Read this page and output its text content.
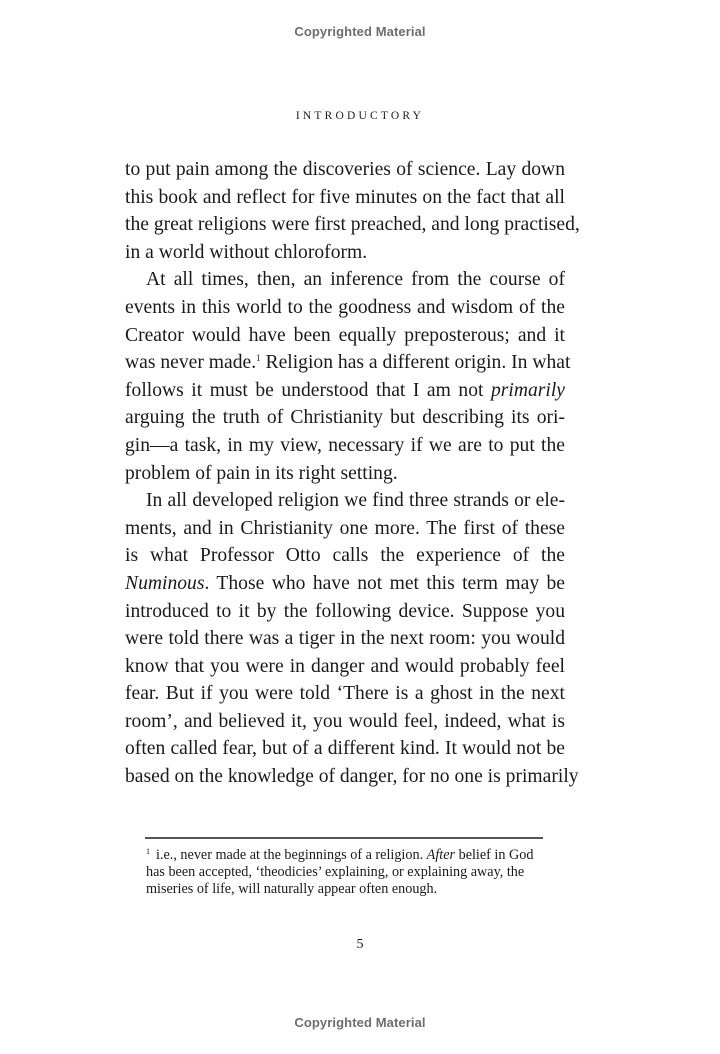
Copyrighted Material
INTRODUCTORY

to put pain among the discoveries of science. Lay down
this book and reflect for five minutes on the fact that all
the great religions were first preached, and long practised,
in a world without chloroform.

At all times, then, an inference from the course of
events in this world to the goodness and wisdom of the
Creator would have been equally preposterous; and it
was never made.$^1$ Religion has a different origin. In what
follows it must be understood that I am not primarily
arguing the truth of Christianity but describing its ori-
gin—a task, in my view, necessary if we are to put the
problem of pain in its right setting.

In all developed religion we find three strands or ele-
ments, and in Christianity one more. The first of these
is what Professor Otto calls the experience of the
Numinous. Those who have not met this term may be
introduced to it by the following device. Suppose you
were told there was a tiger in the next room: you would
know that you were in danger and would probably feel
fear. But if you were told ‘There is a ghost in the next
room’, and believed it, you would feel, indeed, what is
often called fear, but of a different kind. It would not be
based on the knowledge of danger, for no one is primarily

$^1$ i.e., never made at the beginnings of a religion. After belief in God
has been accepted, ‘theodicies’ explaining, or explaining away, the
miseries of life, will naturally appear often enough.
5
Copyrighted Material
